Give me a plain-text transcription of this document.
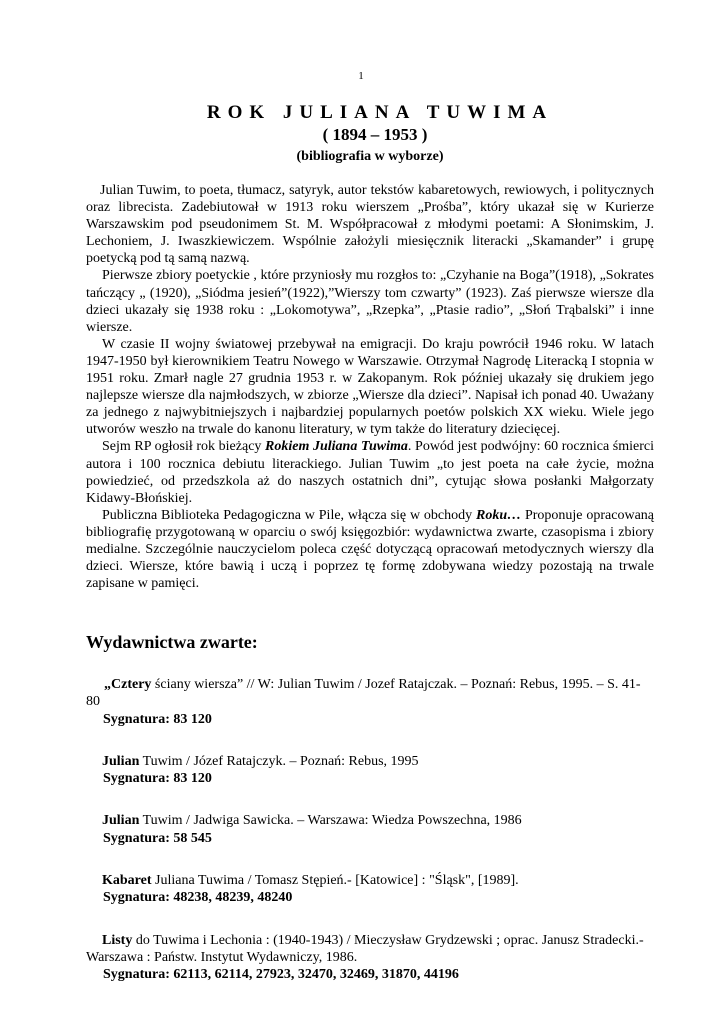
1
ROK JULIANA TUWIMA
( 1894 – 1953 )
(bibliografia w wyborze)

Julian Tuwim, to poeta, tłumacz, satyryk, autor tekstów kabaretowych, rewiowych, i politycznych oraz librecista. Zadebiutował w 1913 roku wierszem „Prośba”, który ukazał się w Kurierze Warszawskim pod pseudonimem St. M. Współpracował z młodymi poetami: A Słonimskim, J. Lechoniem, J. Iwaszkiewiczem. Wspólnie założyli miesięcznik literacki „Skamander” i grupę poetycką pod tą samą nazwą.

Pierwsze zbiory poetyckie , które przyniosły mu rozgłos to: „Czyhanie na Boga”(1918), „Sokrates tańczący „ (1920), „Siódma jesień”(1922),”Wierszy tom czwarty” (1923). Zaś pierwsze wiersze dla dzieci ukazały się 1938 roku : „Lokomotywa”, „Rzepka”, „Ptasie radio”, „Słoń Trąbalski” i inne wiersze.

W czasie II wojny światowej przebywał na emigracji. Do kraju powrócił 1946 roku. W latach 1947-1950 był kierownikiem Teatru Nowego w Warszawie. Otrzymał Nagrodę Literacką I stopnia w 1951 roku. Zmarł nagle 27 grudnia 1953 r. w Zakopanym. Rok później ukazały się drukiem jego najlepsze wiersze dla najmłodszych, w zbiorze „Wiersze dla dzieci”. Napisał ich ponad 40. Uważany za jednego z najwybitniejszych i najbardziej popularnych poetów polskich XX wieku. Wiele jego utworów weszło na trwale do kanonu literatury, w tym także do literatury dziecięcej.

Sejm RP ogłosił rok bieżący Rokiem Juliana Tuwima. Powód jest podwójny: 60 rocznica śmierci autora i 100 rocznica debiutu literackiego. Julian Tuwim „to jest poeta na całe życie, można powiedzieć, od przedszkola aż do naszych ostatnich dni”, cytując słowa posłanki Małgorzaty Kidawy-Błońskiej.

Publiczna Biblioteka Pedagogiczna w Pile, włącza się w obchody Roku… Proponuje opracowaną bibliografię przygotowaną w oparciu o swój księgozbiór: wydawnictwa zwarte, czasopisma i zbiory medialne. Szczególnie nauczycielom poleca część dotyczącą opracowań metodycznych wierszy dla dzieci. Wiersze, które bawią i uczą i poprzez tę formę zdobywana wiedzy pozostają na trwale zapisane w pamięci.

Wydawnictwa zwarte:

„Cztery ściany wiersza” // W: Julian Tuwim / Jozef Ratajczak. – Poznań: Rebus, 1995. – S. 41-80

Sygnatura: 83 120

Julian Tuwim / Józef Ratajczyk. – Poznań: Rebus, 1995

Sygnatura: 83 120

Julian Tuwim / Jadwiga Sawicka. – Warszawa: Wiedza Powszechna, 1986

Sygnatura: 58 545

Kabaret Juliana Tuwima / Tomasz Stępień.- [Katowice] : "Śląsk", [1989].

Sygnatura: 48238, 48239, 48240

Listy do Tuwima i Lechonia : (1940-1943) / Mieczysław Grydzewski ; oprac. Janusz Stradecki.- Warszawa : Państw. Instytut Wydawniczy, 1986.

Sygnatura: 62113, 62114, 27923, 32470, 32469, 31870, 44196
